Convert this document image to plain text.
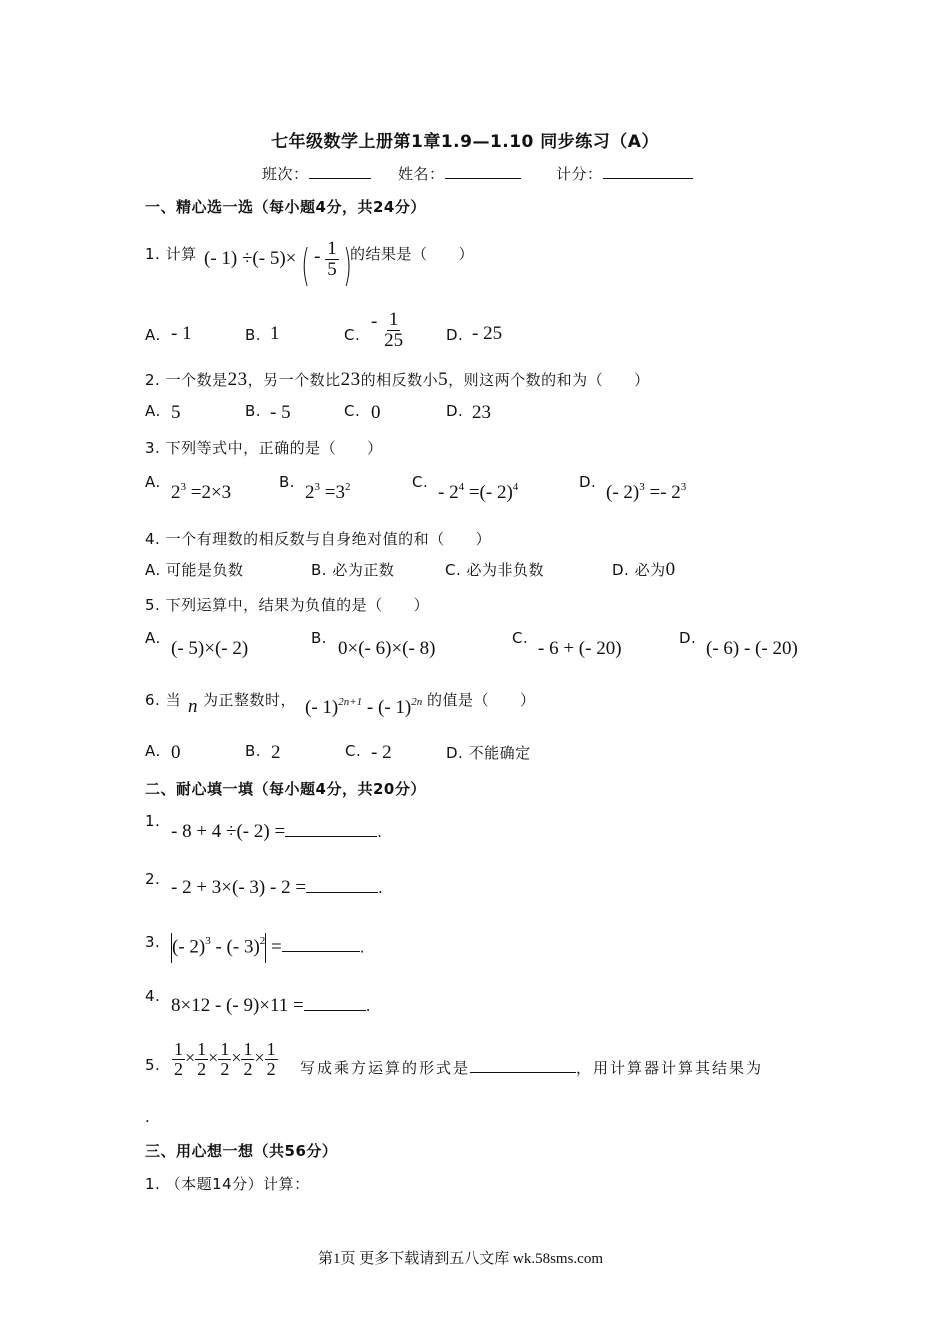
七年级数学上册第1章1.9—1.10 同步练习（A）
班次：	姓名：	计分：
一、精心选一选（每小题4分，共24分）
1. 计算 (- 1) ÷(- 5)× ( - $\frac{1}{5}$ )
的结果是（　　）
A. - 1	B. 1	C.
- $\frac{1}{25}$	D. - 25
2. 一个数是23，另一个数比23的相反数小5，则这两个数的和为（　　）
A. 5	B. - 5	C. 0	D. 23
3. 下列等式中，正确的是（　　）
A. $2^3 =2\times 3$	B. $2^3 =3^2$	C. - $2^4$ =(- 2)$^4$	D. (- $2)^3 =- 2^3$
4. 一个有理数的相反数与自身绝对值的和（　　）
A. 可能是负数	B. 必为正数	C. 必为非负数	D. 必为0
5. 下列运算中，结果为负值的是（　　）
A. (- 5)×(- 2)	B. 0×(- 6)×(- 8)	C. - 6 + (- 20)	D. (- 6) - (- 20)
6. 当 n 为正整数时， (- 1)$^{2n+1}$ - (- 1)$^{2n}$ 的值是（　　）
A. 0	B. 2	C. - 2	D. 不能确定
二、耐心填一填（每小题4分，共20分）
1. - 8 + 4 ÷(- 2) =	.
2. - 2 + 3×(- 3) - 2 =	.
3. (- 2)$^3$ - (- 3)$^2$ =	.
4. 8×12 - (- 9)×11 =	.
5. $\frac{1}{2} \times \frac{1}{2} \times \frac{1}{2} \times \frac{1}{2} \times \frac{1}{2}$ 写成乘方运算的形式是	，用计算器计算其结果为
.
三、用心想一想（共56分）
1. （本题14分）计算：
第1页 更多下载请到五八文库 wk.58sms.com
